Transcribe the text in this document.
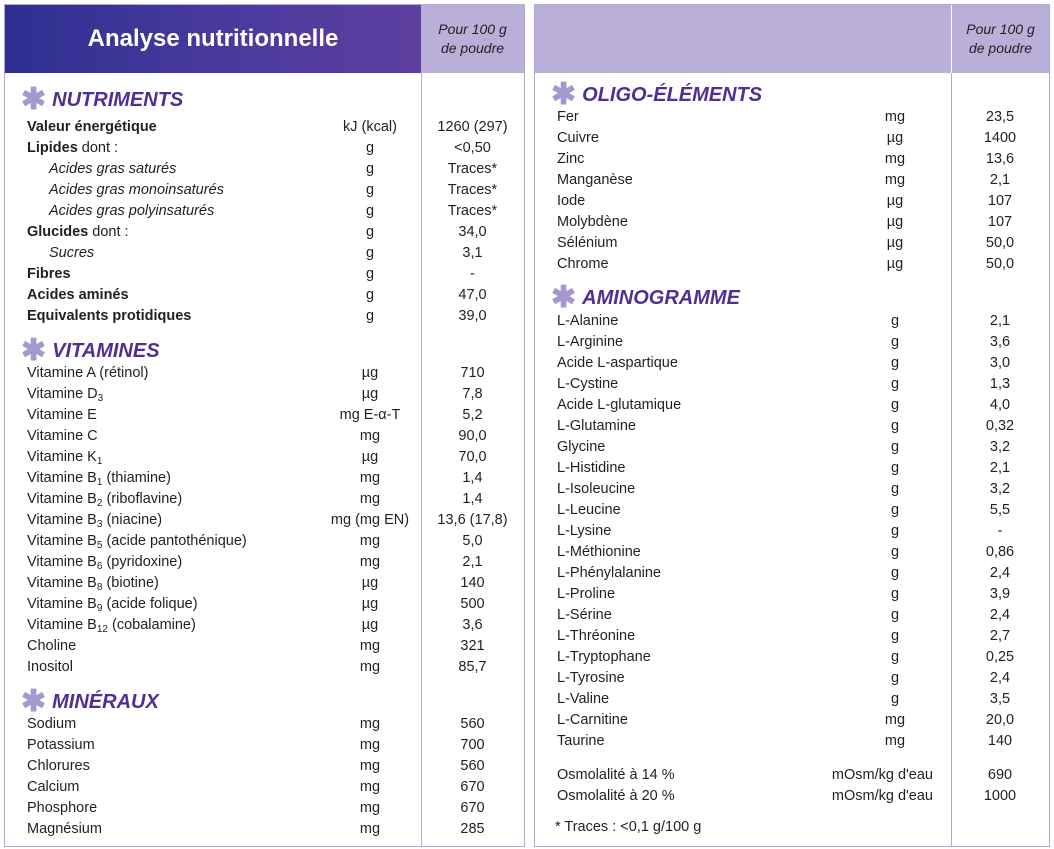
Analyse nutritionnelle	Pour 100 g
de poudre
✱ NUTRIMENTS
Valeur énergétique	kJ (kcal)	1260 (297)
Lipides dont :	g	<0,50
Acides gras saturés	g	Traces*
Acides gras monoinsaturés	g	Traces*
Acides gras polyinsaturés	g	Traces*
Glucides dont :	g	34,0
Sucres	g	3,1
Fibres	g	-
Acides aminés	g	47,0
Equivalents protidiques	g	39,0
✱ VITAMINES
Vitamine A (rétinol)	µg	710
Vitamine $D_3$	µg	7,8
Vitamine E	mg E-α-T	5,2
Vitamine C	mg	90,0
Vitamine $K_1$	µg	70,0
Vitamine $B_1$ (thiamine)	mg	1,4
Vitamine $B_2$ (riboflavine)	mg	1,4
Vitamine $B_3$ (niacine)	mg (mg EN)	13,6 (17,8)
Vitamine $B_5$ (acide pantothénique)	mg	5,0
Vitamine $B_6$ (pyridoxine)	mg	2,1
Vitamine $B_8$ (biotine)	µg	140
Vitamine $B_9$ (acide folique)	µg	500
Vitamine $B_{12}$ (cobalamine)	µg	3,6
Choline	mg	321
Inositol	mg	85,7
✱ MINÉRAUX
Sodium	mg	560
Potassium	mg	700
Chlorures	mg	560
Calcium	mg	670
Phosphore	mg	670
Magnésium	mg	285
Pour 100 g
de poudre
✱ OLIGO-ÉLÉMENTS
Fer	mg	23,5
Cuivre	µg	1400
Zinc	mg	13,6
Manganèse	mg	2,1
Iode	µg	107
Molybdène	µg	107
Sélénium	µg	50,0
Chrome	µg	50,0
✱ AMINOGRAMME
L-Alanine	g	2,1
L-Arginine	g	3,6
Acide L-aspartique	g	3,0
L-Cystine	g	1,3
Acide L-glutamique	g	4,0
L-Glutamine	g	0,32
Glycine	g	3,2
L-Histidine	g	2,1
L-Isoleucine	g	3,2
L-Leucine	g	5,5
L-Lysine	g	-
L-Méthionine	g	0,86
L-Phénylalanine	g	2,4
L-Proline	g	3,9
L-Sérine	g	2,4
L-Thréonine	g	2,7
L-Tryptophane	g	0,25
L-Tyrosine	g	2,4
L-Valine	g	3,5
L-Carnitine	mg	20,0
Taurine	mg	140
Osmolalité à 14 %	mOsm/kg d'eau	690
Osmolalité à 20 %	mOsm/kg d'eau	1000
* Traces : <0,1 g/100 g
